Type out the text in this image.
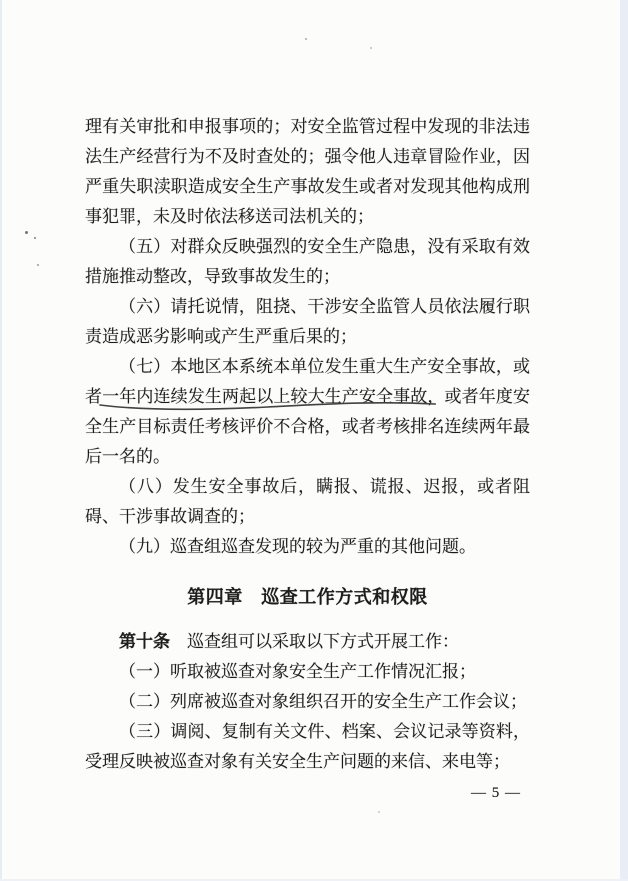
理有关审批和申报事项的；对安全监管过程中发现的非法违法生产经营行为不及时查处的；强令他人违章冒险作业，因严重失职渎职造成安全生产事故发生或者对发现其他构成刑事犯罪，未及时依法移送司法机关的；

（五）对群众反映强烈的安全生产隐患，没有采取有效措施推动整改，导致事故发生的；

（六）请托说情，阻挠、干涉安全监管人员依法履行职责造成恶劣影响或产生严重后果的；

（七）本地区本系统本单位发生重大生产安全事故，或者一年内连续发生两起以上较大生产安全事故
，或者年度安全生产目标责任考核评价不合格，或者考核排名连续两年最后一名的。

（八）发生安全事故后，瞒报、谎报、迟报，或者阻碍、干涉事故调查的；

（九）巡查组巡查发现的较为严重的其他问题。

第四章　巡查工作方式和权限

第十条　巡查组可以采取以下方式开展工作：

（一）听取被巡查对象安全生产工作情况汇报；

（二）列席被巡查对象组织召开的安全生产工作会议；

（三）调阅、复制有关文件、档案、会议记录等资料，受理反映被巡查对象有关安全生产问题的来信、来电等；

— 5 —
